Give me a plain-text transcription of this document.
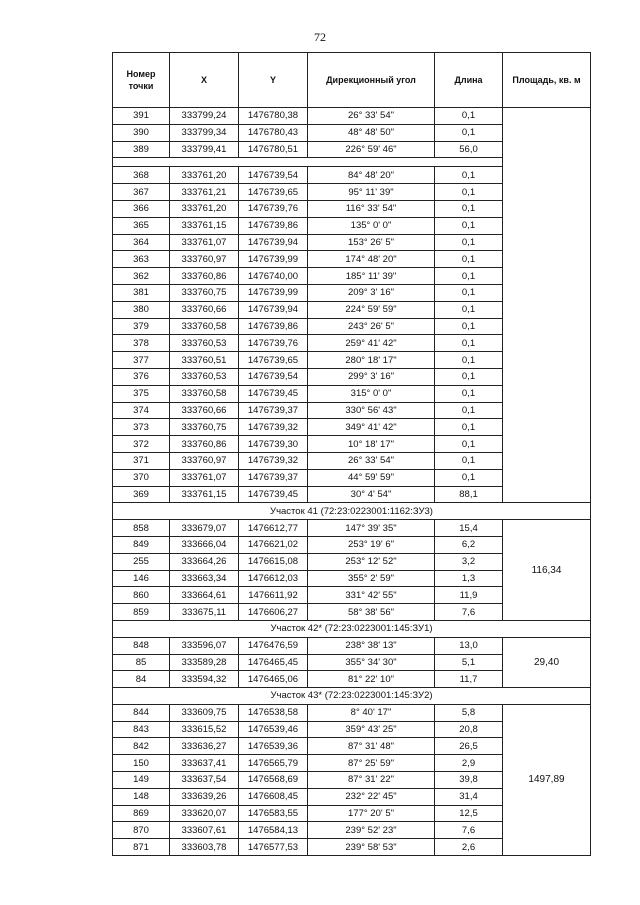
72
Номер точки	X	Y	Дирекционный угол	Длина	Площадь, кв. м
391	333799,24	1476780,38	26° 33' 54"	0,1	
390	333799,34	1476780,43	48° 48' 50"	0,1	
389	333799,41	1476780,51	226° 59' 46"	56,0	

368	333761,20	1476739,54	84° 48' 20"	0,1	
367	333761,21	1476739,65	95° 11' 39"	0,1	
366	333761,20	1476739,76	116° 33' 54"	0,1	
365	333761,15	1476739,86	135° 0' 0"	0,1	
364	333761,07	1476739,94	153° 26' 5"	0,1	
363	333760,97	1476739,99	174° 48' 20"	0,1	
362	333760,86	1476740,00	185° 11' 39"	0,1	
381	333760,75	1476739,99	209° 3' 16"	0,1	
380	333760,66	1476739,94	224° 59' 59"	0,1	
379	333760,58	1476739,86	243° 26' 5"	0,1	
378	333760,53	1476739,76	259° 41' 42"	0,1	
377	333760,51	1476739,65	280° 18' 17"	0,1	
376	333760,53	1476739,54	299° 3' 16"	0,1	
375	333760,58	1476739,45	315° 0' 0"	0,1	
374	333760,66	1476739,37	330° 56' 43"	0,1	
373	333760,75	1476739,32	349° 41' 42"	0,1	
372	333760,86	1476739,30	10° 18' 17"	0,1	
371	333760,97	1476739,32	26° 33' 54"	0,1	
370	333761,07	1476739,37	44° 59' 59"	0,1	
369	333761,15	1476739,45	30° 4' 54"	88,1	
Участок 41 (72:23:0223001:1162:ЗУ3)					
858	333679,07	1476612,77	147° 39' 35"	15,4	116,34
849	333666,04	1476621,02	253° 19' 6"	6,2	
255	333664,26	1476615,08	253° 12' 52"	3,2	
146	333663,34	1476612,03	355° 2' 59"	1,3	
860	333664,61	1476611,92	331° 42' 55"	11,9	
859	333675,11	1476606,27	58° 38' 56"	7,6	
Участок 42* (72:23:0223001:145:ЗУ1)					
848	333596,07	1476476,59	238° 38' 13"	13,0	29,40
85	333589,28	1476465,45	355° 34' 30"	5,1	
84	333594,32	1476465,06	81° 22' 10"	11,7	
Участок 43* (72:23:0223001:145:ЗУ2)					
844	333609,75	1476538,58	8° 40' 17"	5,8	1497,89
843	333615,52	1476539,46	359° 43' 25"	20,8	
842	333636,27	1476539,36	87° 31' 48"	26,5	
150	333637,41	1476565,79	87° 25' 59"	2,9	
149	333637,54	1476568,69	87° 31' 22"	39,8	
148	333639,26	1476608,45	232° 22' 45"	31,4	
869	333620,07	1476583,55	177° 20' 5"	12,5	
870	333607,61	1476584,13	239° 52' 23"	7,6	
871	333603,78	1476577,53	239° 58' 53"	2,6	
